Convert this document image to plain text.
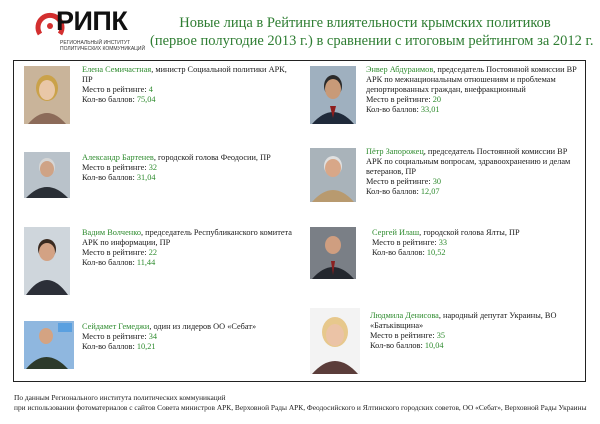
РИПК
РЕГИОНАЛЬНЫЙ ИНСТИТУТ
ПОЛИТИЧЕСКИХ КОММУНИКАЦИЙ
Новые лица в Рейтинге влиятельности крымских политиков
(первое полугодие 2013 г.) в сравнении с итоговым рейтингом за 2012 г.
Елена Семичастная, министр Социальной политики АРК, ПР
Место в рейтинге: 4
Кол-во баллов: 75,04
Энвер Абдураимов, председатель Постоянной комиссии ВР АРК по межнациональным отношениям и проблемам депортированных граждан, внефракционный
Место в рейтинге: 20
Кол-во баллов: 33,01
Александр Бартенев, городской голова Феодосии, ПР
Место в рейтинге: 32
Кол-во баллов: 31,04
Пётр Запорожец, председатель Постоянной комиссии ВР АРК по социальным вопросам, здравоохранению и делам ветеранов, ПР
Место в рейтинге: 30
Кол-во баллов: 12,07
Вадим Волченко, председатель Республиканского комитета АРК по информации, ПР
Место в рейтинге: 22
Кол-во баллов: 11,44
Сергей Илаш, городской голова Ялты, ПР
Место в рейтинге: 33
Кол-во баллов: 10,52
Сейдамет Гемеджи, один из лидеров ОО «Себат»
Место в рейтинге: 34
Кол-во баллов: 10,21
Людмила Денисова, народный депутат Украины, ВО «Батьківщина»
Место в рейтинге: 35
Кол-во баллов: 10,04
По данным Регионального института политических коммуникаций
при использовании фотоматериалов с сайтов Совета министров АРК, Верховной Рады АРК, Феодосийского и Ялтинского городских советов, ОО «Себат», Верховной Рады Украины
